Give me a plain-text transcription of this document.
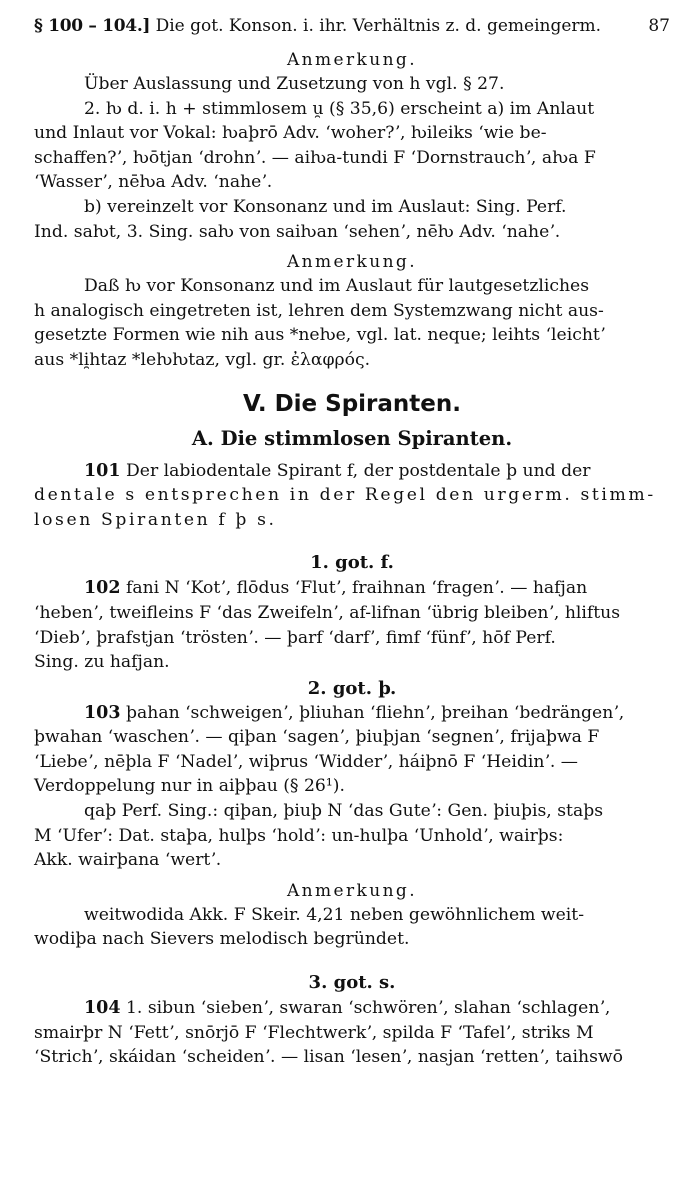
§ 100 – 104.] Die got. Konson. i. ihr. Verhältnis z. d. gemeingerm.	87
Anmerkung.

Über Auslassung und Zusetzung von h vgl. § 27.

2. ƕ d. i. h + stimmlosem u̯ (§ 35,6) erscheint a) im Anlaut

und Inlaut vor Vokal: ƕaþrō Adv. ʻwoher?ʼ, ƕileiks ʻwie be-

schaffen?ʼ, ƕōtjan ʻdrohnʼ. — aiƕa-tundi F ʻDornstrauchʼ, aƕa F

ʻWasserʼ, nēƕa Adv. ʻnaheʼ.

b) vereinzelt vor Konsonanz und im Auslaut: Sing. Perf.

Ind. saƕt, 3. Sing. saƕ von saiƕan ʻsehenʼ, nēƕ Adv. ʻnaheʼ.

Anmerkung.

Daß ƕ vor Konsonanz und im Auslaut für lautgesetzliches

h analogisch eingetreten ist, lehren dem Systemzwang nicht aus-

gesetzte Formen wie nih aus *neƕe, vgl. lat. neque; leihts ʻleichtʼ

aus *li̯htaz *leƕƕtaz, vgl. gr. ἐλαφρός.

V. Die Spiranten.
A. Die stimmlosen Spiranten.

101 Der labiodentale Spirant f, der postdentale þ und der

dentale s entsprechen in der Regel den urgerm. stimm-

losen Spiranten f þ s.

1. got. f.

102 fani N ʻKotʼ, flōdus ʻFlutʼ, fraihnan ʻfragenʼ. — hafjan

ʻhebenʼ, tweifleins F ʻdas Zweifelnʼ, af-lifnan ʻübrig bleibenʼ, hliftus

ʻDiebʼ, þrafstjan ʻtröstenʼ. — þarf ʻdarfʼ, fimf ʻfünfʼ, hōf Perf.

Sing. zu hafjan.

2. got. þ.

103 þahan ʻschweigenʼ, þliuhan ʻfliehnʼ, þreihan ʻbedrängenʼ,

þwahan ʻwaschenʼ. — qiþan ʻsagenʼ, þiuþjan ʻsegnenʼ, frijaþwa F

ʻLiebeʼ, nēþla F ʻNadelʼ, wiþrus ʻWidderʼ, háiþnō F ʻHeidinʼ. —

Verdoppelung nur in aiþþau (§ 26¹).

qaþ Perf. Sing.: qiþan, þiuþ N ʻdas Guteʼ: Gen. þiuþis, staþs

M ʻUferʼ: Dat. staþa, hulþs ʻholdʼ: un-hulþa ʻUnholdʼ, wairþs:

Akk. wairþana ʻwertʼ.

Anmerkung.

weitwodida Akk. F Skeir. 4,21 neben gewöhnlichem weit-

wodiþa nach Sievers melodisch begründet.

3. got. s.

104 1. sibun ʻsiebenʼ, swaran ʻschwörenʼ, slahan ʻschlagenʼ,

smairþr N ʻFettʼ, snōrjō F ʻFlechtwerkʼ, spilda F ʻTafelʼ, striks M

ʻStrichʼ, skáidan ʻscheidenʼ. — lisan ʻlesenʼ, nasjan ʻrettenʼ, taihswō
